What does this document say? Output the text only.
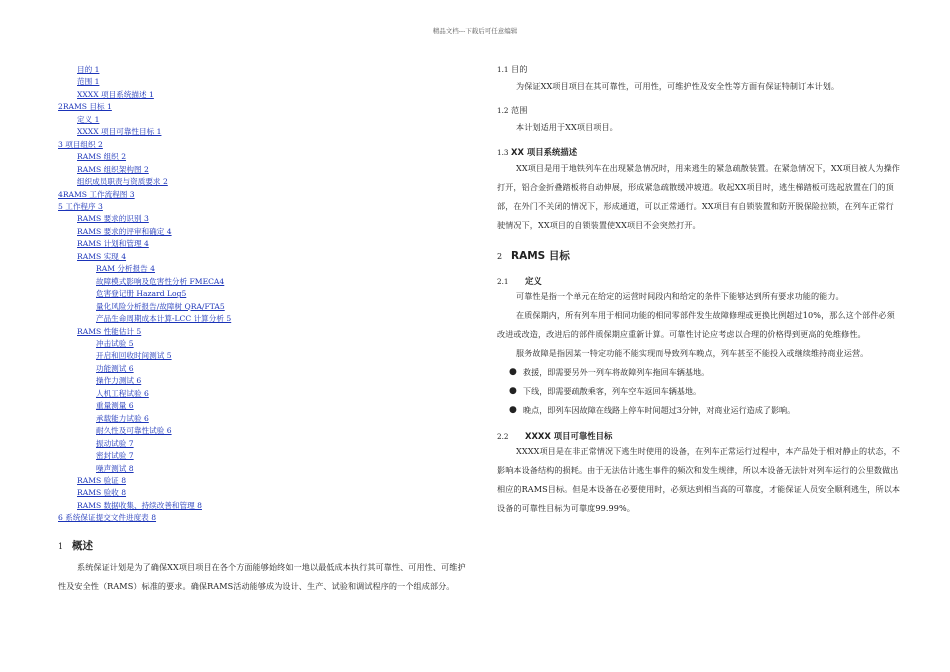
精品文档---下载后可任意编辑
目的 1
范围 1
XXXX 项目系统描述 1
2RAMS 目标 1
定义 1
XXXX 项目可靠性目标 1
3 项目组织 2
RAMS 组织 2
RAMS 组织架构图 2
组织成员职责与资质要求 2
4RAMS 工作流程图 3
5 工作程序 3
RAMS 要求的识别 3
RAMS 要求的评审和确定 4
RAMS 计划和管理 4
RAMS 实现 4
RAM 分析报告 4
故障模式影响及危害性分析 FMECA4
危害登记册 Hazard Log5
量化风险分析报告/故障树 QRA/FTA5
产品生命周期成本计算-LCC 计算分析 5
RAMS 性能估计 5
冲击试验 5
开启和回收时间测试 5
功能测试 6
操作力测试 6
人机工程试验 6
重量测量 6
承载能力试验 6
耐久性及可靠性试验 6
振动试验 7
密封试验 7
噪声测试 8
RAMS 验证 8
RAMS 验收 8
RAMS 数据收集、持续改善和管理 8
6 系统保证提交文件进度表 8
1 概述

系统保证计划是为了确保XX项目项目在各个方面能够始终如一地以最低成本执行其可靠性、可用性、可维护性及安全性（RAMS）标准的要求。确保RAMS活动能够成为设计、生产、试验和调试程序的一个组成部分。

1.1 目的

为保证XX项目项目在其可靠性，可用性，可维护性及安全性等方面有保证特制订本计划。

1.2 范围

本计划适用于XX项目项目。

1.3 XX 项目系统描述

XX项目是用于地铁列车在出现紧急情况时，用来逃生的紧急疏散装置。在紧急情况下，XX项目被人为操作打开，铝合金折叠踏板将自动伸展，形成紧急疏散缓冲坡道。收起XX项目时，逃生梯踏板可选起放置在门的顶部，在外门不关闭的情况下，形成通道，可以正常通行。XX项目有自锁装置和防开脱保险拉锁，在列车正常行驶情况下，XX项目的自锁装置使XX项目不会突然打开。

2 RAMS 目标
2.1	定义

可靠性是指一个单元在给定的运营时间段内和给定的条件下能够达到所有要求功能的能力。

在质保期内，所有列车用于相同功能的相同零部件发生故障修理或更换比例超过10%，那么这个部件必须改进或改造，改进后的部件质保期应重新计算。可靠性讨论应考虑以合理的价格得到更高的免维修性。

服务故障是指因某一特定功能不能实现而导致列车晚点，列车甚至不能投入或继续维持商业运营。

● 救援，即需要另外一列车将故障列车拖回车辆基地。
● 下线，即需要疏散乘客，列车空车返回车辆基地。
● 晚点，即列车因故障在线路上停车时间超过3分钟，对商业运行造成了影响。
2.2	XXXX 项目可靠性目标

XXXX项目是在非正常情况下逃生时使用的设备，在列车正常运行过程中，本产品处于相对静止的状态，不影响本设备结构的损耗。由于无法估计逃生事件的频次和发生规律，所以本设备无法针对列车运行的公里数做出相应的RAMS目标。但是本设备在必要使用时，必须达到相当高的可靠度，才能保证人员安全顺利逃生，所以本设备的可靠性目标为可靠度99.99%。
